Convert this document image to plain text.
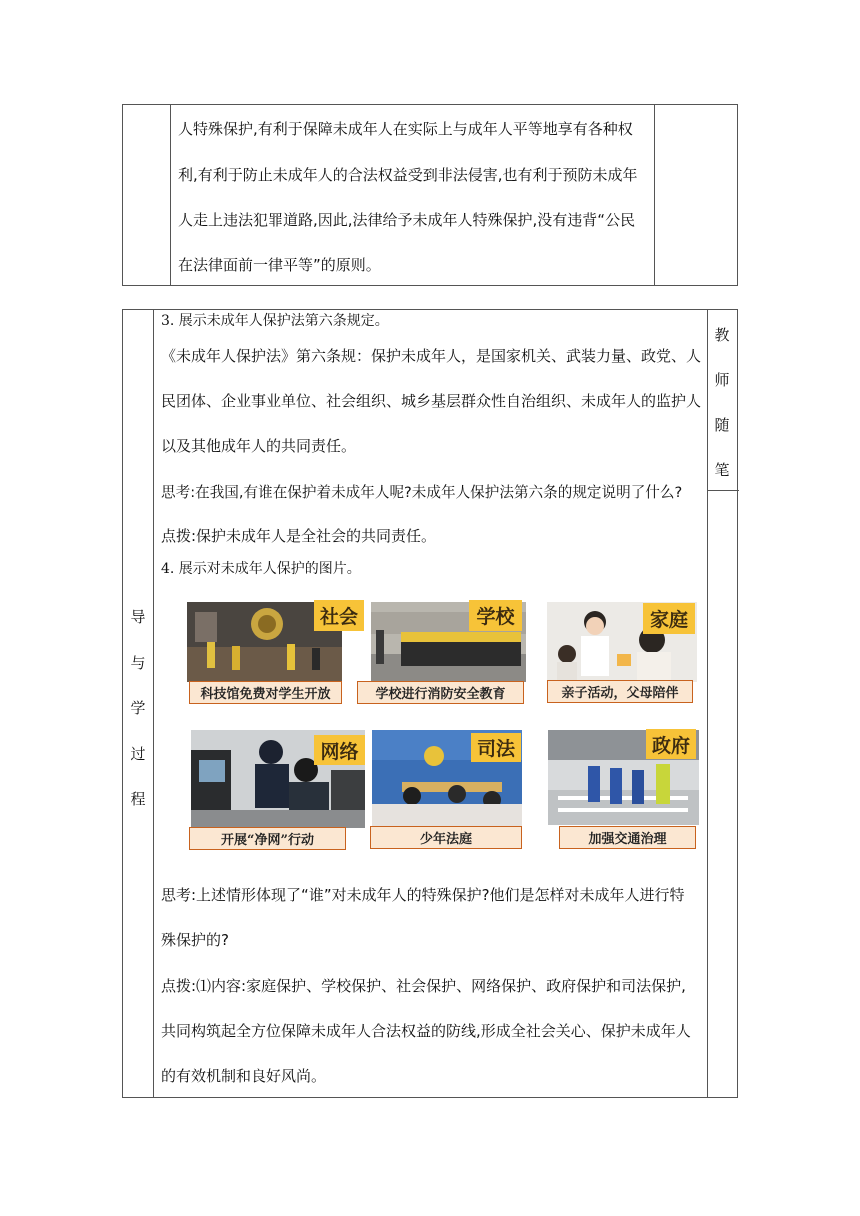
人特殊保护,有利于保障未成年人在实际上与成年人平等地享有各种权
利,有利于防止未成年人的合法权益受到非法侵害,也有利于预防未成年
人走上违法犯罪道路,因此,法律给予未成年人特殊保护,没有违背“公民
在法律面前一律平等”的原则。
导
与
学
过
程
教
师
随
笔
3. 展示未成年人保护法第六条规定。
《未成年人保护法》第六条规：保护未成年人，是国家机关、武装力量、政党、人
民团体、企业事业单位、社会组织、城乡基层群众性自治组织、未成年人的监护人
以及其他成年人的共同责任。
思考:在我国,有谁在保护着未成年人呢?未成年人保护法第六条的规定说明了什么?
点拨:保护未成年人是全社会的共同责任。
4. 展示对未成年人保护的图片。
社会
科技馆免费对学生开放
学校
学校进行消防安全教育
家庭
亲子活动，父母陪伴
网络
开展“净网”行动
司法
少年法庭
政府
加强交通治理
思考:上述情形体现了“谁”对未成年人的特殊保护?他们是怎样对未成年人进行特
殊保护的?
点拨:⑴内容:家庭保护、学校保护、社会保护、网络保护、政府保护和司法保护,
共同构筑起全方位保障未成年人合法权益的防线,形成全社会关心、保护未成年人
的有效机制和良好风尚。
